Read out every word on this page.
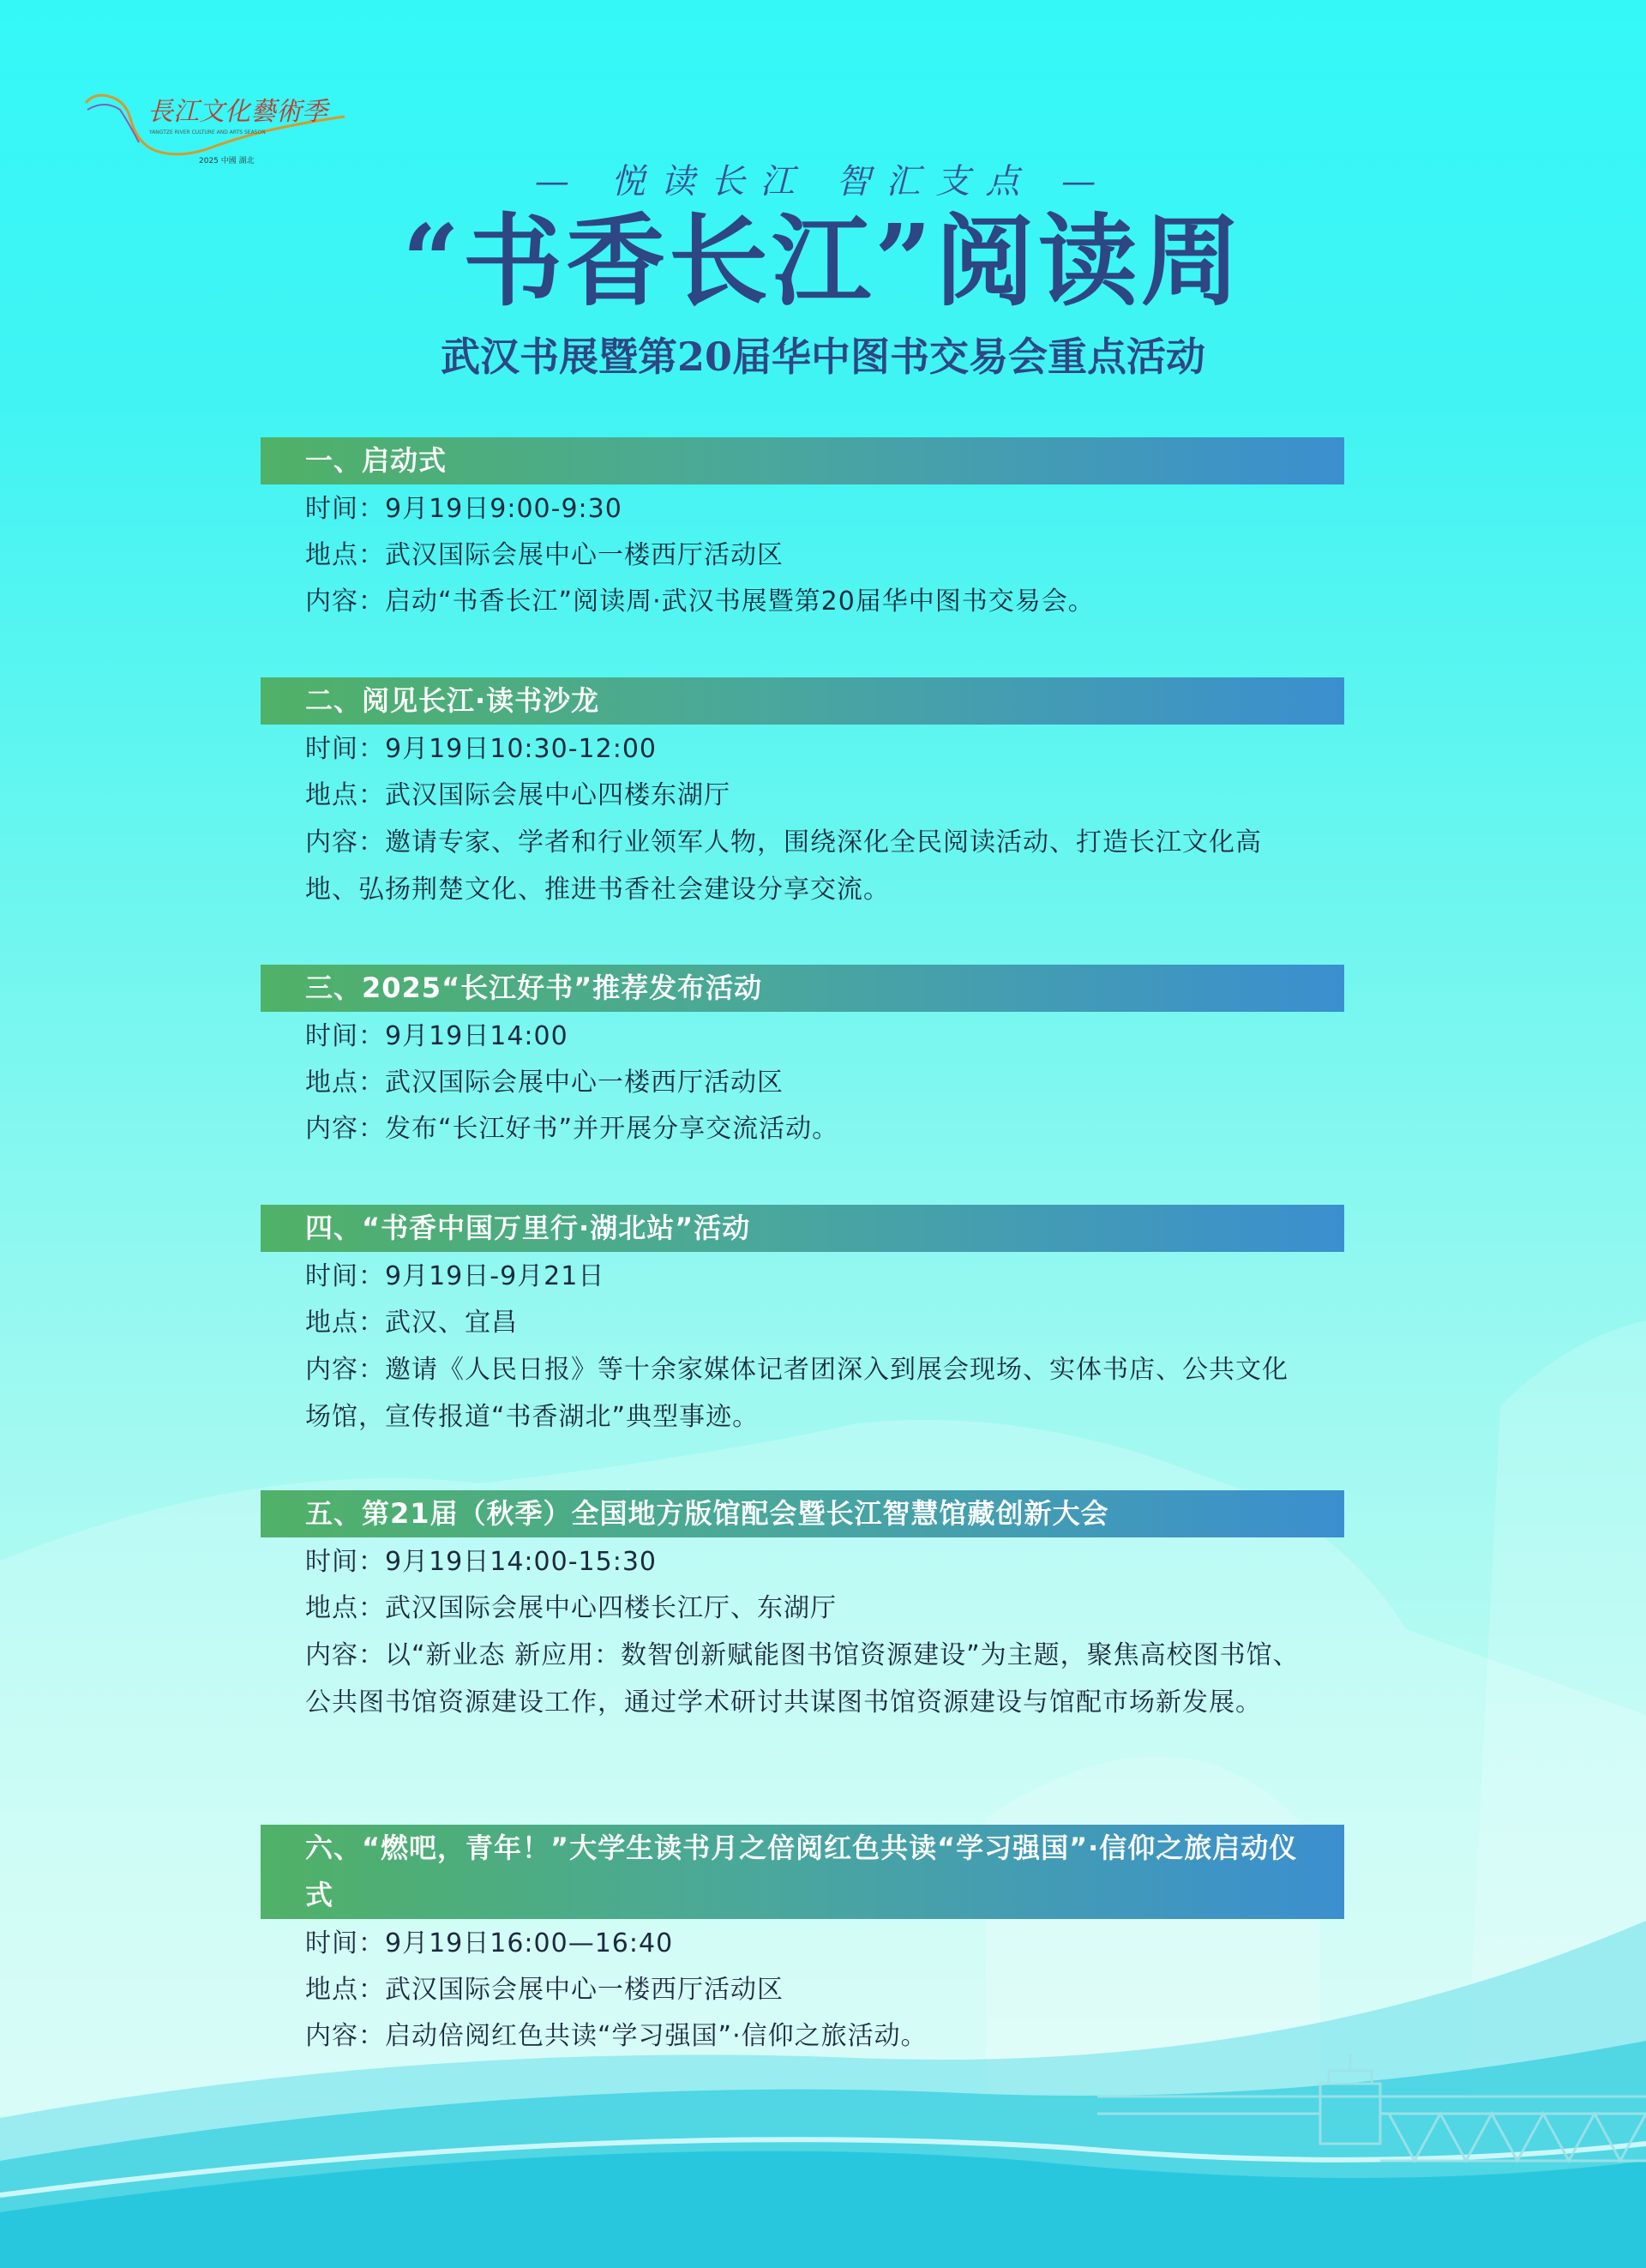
長江文化藝術季
YANGTZE RIVER CULTURE AND ARTS SEASON
2025 中國 湖北
— 悦读长江 智汇支点 —
“书香长江”阅读周
武汉书展暨第20届华中图书交易会重点活动
一、启动式
时间：9月19日9:00-9:30
地点：武汉国际会展中心一楼西厅活动区
内容：启动“书香长江”阅读周·武汉书展暨第20届华中图书交易会。
二、阅见长江·读书沙龙
时间：9月19日10:30-12:00
地点：武汉国际会展中心四楼东湖厅
内容：邀请专家、学者和行业领军人物，围绕深化全民阅读活动、打造长江文化高地、弘扬荆楚文化、推进书香社会建设分享交流。
三、2025“长江好书”推荐发布活动
时间：9月19日14:00
地点：武汉国际会展中心一楼西厅活动区
内容：发布“长江好书”并开展分享交流活动。
四、“书香中国万里行·湖北站”活动
时间：9月19日-9月21日
地点：武汉、宜昌
内容：邀请《人民日报》等十余家媒体记者团深入到展会现场、实体书店、公共文化场馆，宣传报道“书香湖北”典型事迹。
五、第21届（秋季）全国地方版馆配会暨长江智慧馆藏创新大会
时间：9月19日14:00-15:30
地点：武汉国际会展中心四楼长江厅、东湖厅
内容：以“新业态 新应用：数智创新赋能图书馆资源建设”为主题，聚焦高校图书馆、公共图书馆资源建设工作，通过学术研讨共谋图书馆资源建设与馆配市场新发展。
六、“燃吧，青年！”大学生读书月之倍阅红色共读“学习强国”·信仰之旅启动仪式
时间：9月19日16:00—16:40
地点：武汉国际会展中心一楼西厅活动区
内容：启动倍阅红色共读“学习强国”·信仰之旅活动。
